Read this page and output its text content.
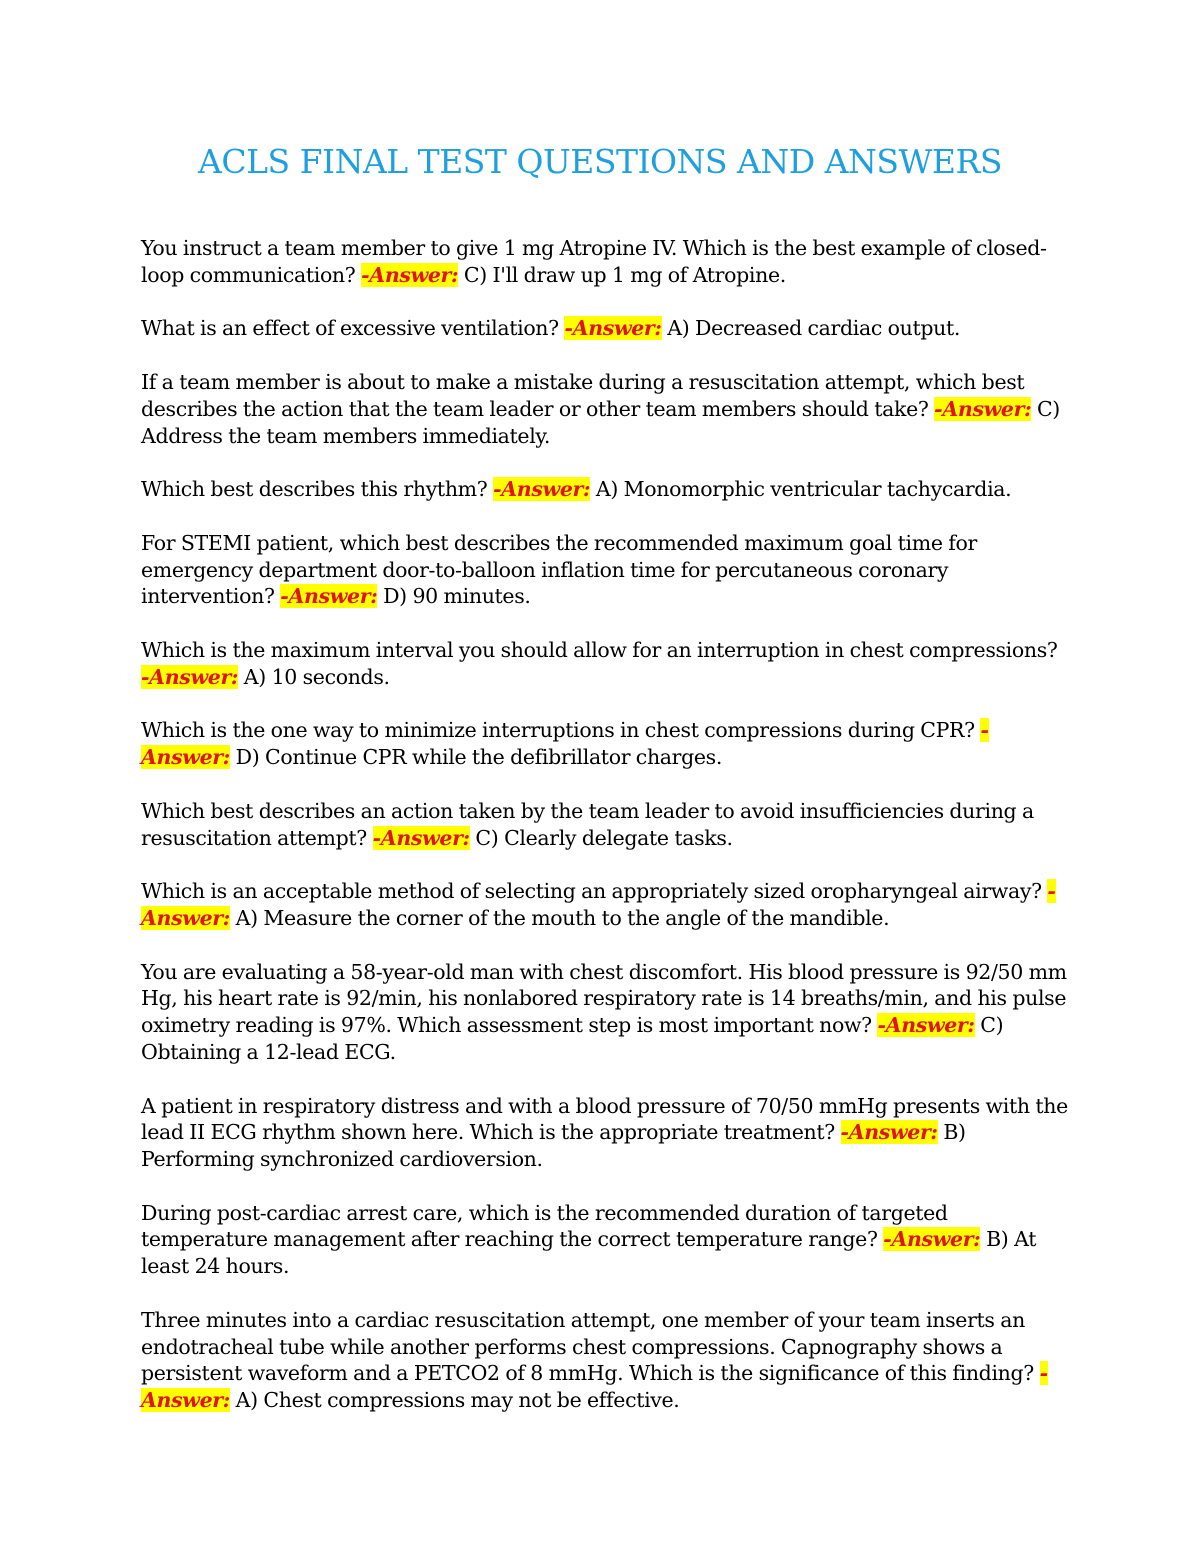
ACLS FINAL TEST QUESTIONS AND ANSWERS

You instruct a team member to give 1 mg Atropine IV. Which is the best example of closed-loop communication? -Answer: C) I'll draw up 1 mg of Atropine.

What is an effect of excessive ventilation? -Answer: A) Decreased cardiac output.

If a team member is about to make a mistake during a resuscitation attempt, which best describes the action that the team leader or other team members should take? -Answer: C) Address the team members immediately.

Which best describes this rhythm? -Answer: A) Monomorphic ventricular tachycardia.

For STEMI patient, which best describes the recommended maximum goal time for emergency department door-to-balloon inflation time for percutaneous coronary intervention? -Answer: D) 90 minutes.

Which is the maximum interval you should allow for an interruption in chest compressions? -Answer: A) 10 seconds.

Which is the one way to minimize interruptions in chest compressions during CPR? -Answer: D) Continue CPR while the defibrillator charges.

Which best describes an action taken by the team leader to avoid insufficiencies during a resuscitation attempt? -Answer: C) Clearly delegate tasks.

Which is an acceptable method of selecting an appropriately sized oropharyngeal airway? -Answer: A) Measure the corner of the mouth to the angle of the mandible.

You are evaluating a 58-year-old man with chest discomfort. His blood pressure is 92/50 mm Hg, his heart rate is 92/min, his nonlabored respiratory rate is 14 breaths/min, and his pulse oximetry reading is 97%. Which assessment step is most important now? -Answer: C) Obtaining a 12-lead ECG.

A patient in respiratory distress and with a blood pressure of 70/50 mmHg presents with the lead II ECG rhythm shown here. Which is the appropriate treatment? -Answer: B) Performing synchronized cardioversion.

During post-cardiac arrest care, which is the recommended duration of targeted temperature management after reaching the correct temperature range? -Answer: B) At least 24 hours.

Three minutes into a cardiac resuscitation attempt, one member of your team inserts an endotracheal tube while another performs chest compressions. Capnography shows a persistent waveform and a PETCO2 of 8 mmHg. Which is the significance of this finding? -Answer: A) Chest compressions may not be effective.
